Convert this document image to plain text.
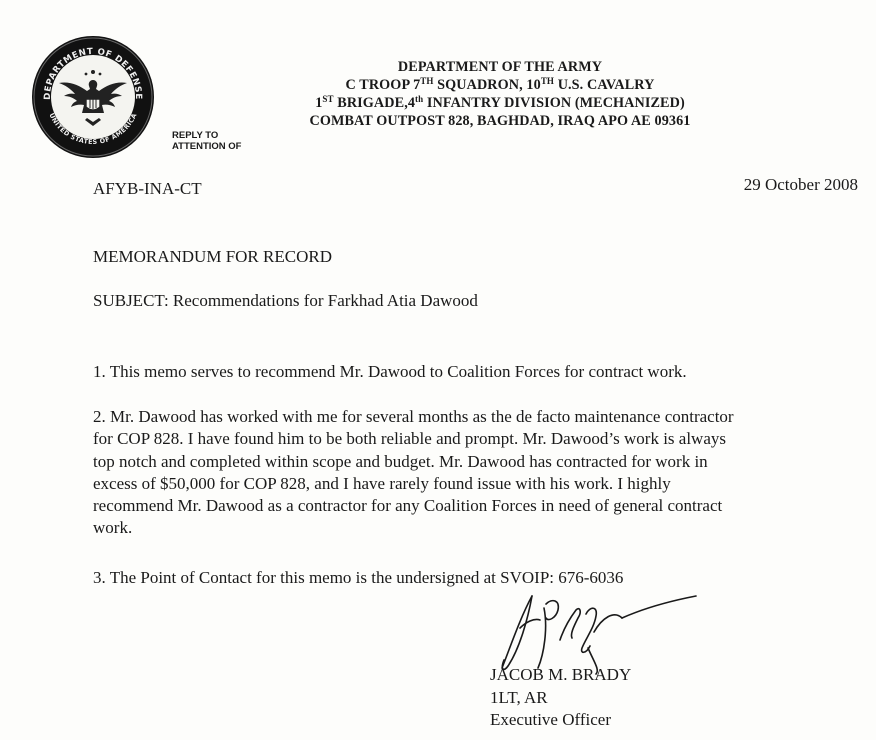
DEPARTMENT OF DEFENSE
UNITED STATES OF AMERICA
DEPARTMENT OF THE ARMY
C TROOP 7TH SQUADRON, 10TH U.S. CAVALRY
1ST BRIGADE,4th INFANTRY DIVISION (MECHANIZED)
COMBAT OUTPOST 828, BAGHDAD, IRAQ APO AE 09361
REPLY TO
ATTENTION OF
AFYB-INA-CT	29 October 2008
MEMORANDUM FOR RECORD
SUBJECT: Recommendations for Farkhad Atia Dawood
1. This memo serves to recommend Mr. Dawood to Coalition Forces for contract work.
2. Mr. Dawood has worked with me for several months as the de facto maintenance contractor
for COP 828. I have found him to be both reliable and prompt. Mr. Dawood’s work is always
top notch and completed within scope and budget. Mr. Dawood has contracted for work in
excess of $50,000 for COP 828, and I have rarely found issue with his work. I highly
recommend Mr. Dawood as a contractor for any Coalition Forces in need of general contract
work.
3. The Point of Contact for this memo is the undersigned at SVOIP: 676-6036
JACOB M. BRADY
1LT, AR
Executive Officer
